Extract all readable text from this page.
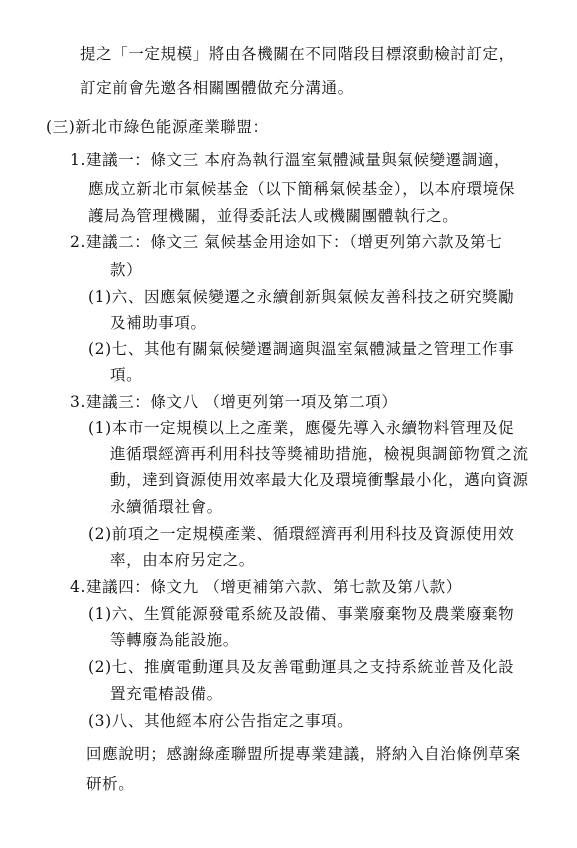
提之「一定規模」將由各機關在不同階段目標滾動檢討訂定，
訂定前會先邀各相關團體做充分溝通。
(三)新北市綠色能源產業聯盟：
1.建議一：條文三 本府為執行溫室氣體減量與氣候變遷調適，
應成立新北市氣候基金（以下簡稱氣候基金），以本府環境保
護局為管理機關，並得委託法人或機關團體執行之。
2.建議二：條文三 氣候基金用途如下：（增更列第六款及第七
款）
(1)六、因應氣候變遷之永續創新與氣候友善科技之研究獎勵
及補助事項。
(2)七、其他有關氣候變遷調適與溫室氣體減量之管理工作事
項。
3.建議三：條文八 （增更列第一項及第二項）
(1)本市一定規模以上之產業，應優先導入永續物料管理及促
進循環經濟再利用科技等獎補助措施，檢視與調節物質之流
動，達到資源使用效率最大化及環境衝擊最小化，邁向資源
永續循環社會。
(2)前項之一定規模產業、循環經濟再利用科技及資源使用效
率，由本府另定之。
4.建議四：條文九 （增更補第六款、第七款及第八款）
(1)六、生質能源發電系統及設備、事業廢棄物及農業廢棄物
等轉廢為能設施。
(2)七、推廣電動運具及友善電動運具之支持系統並普及化設
置充電樁設備。
(3)八、其他經本府公告指定之事項。
回應說明；感謝綠產聯盟所提專業建議，將納入自治條例草案
研析。
